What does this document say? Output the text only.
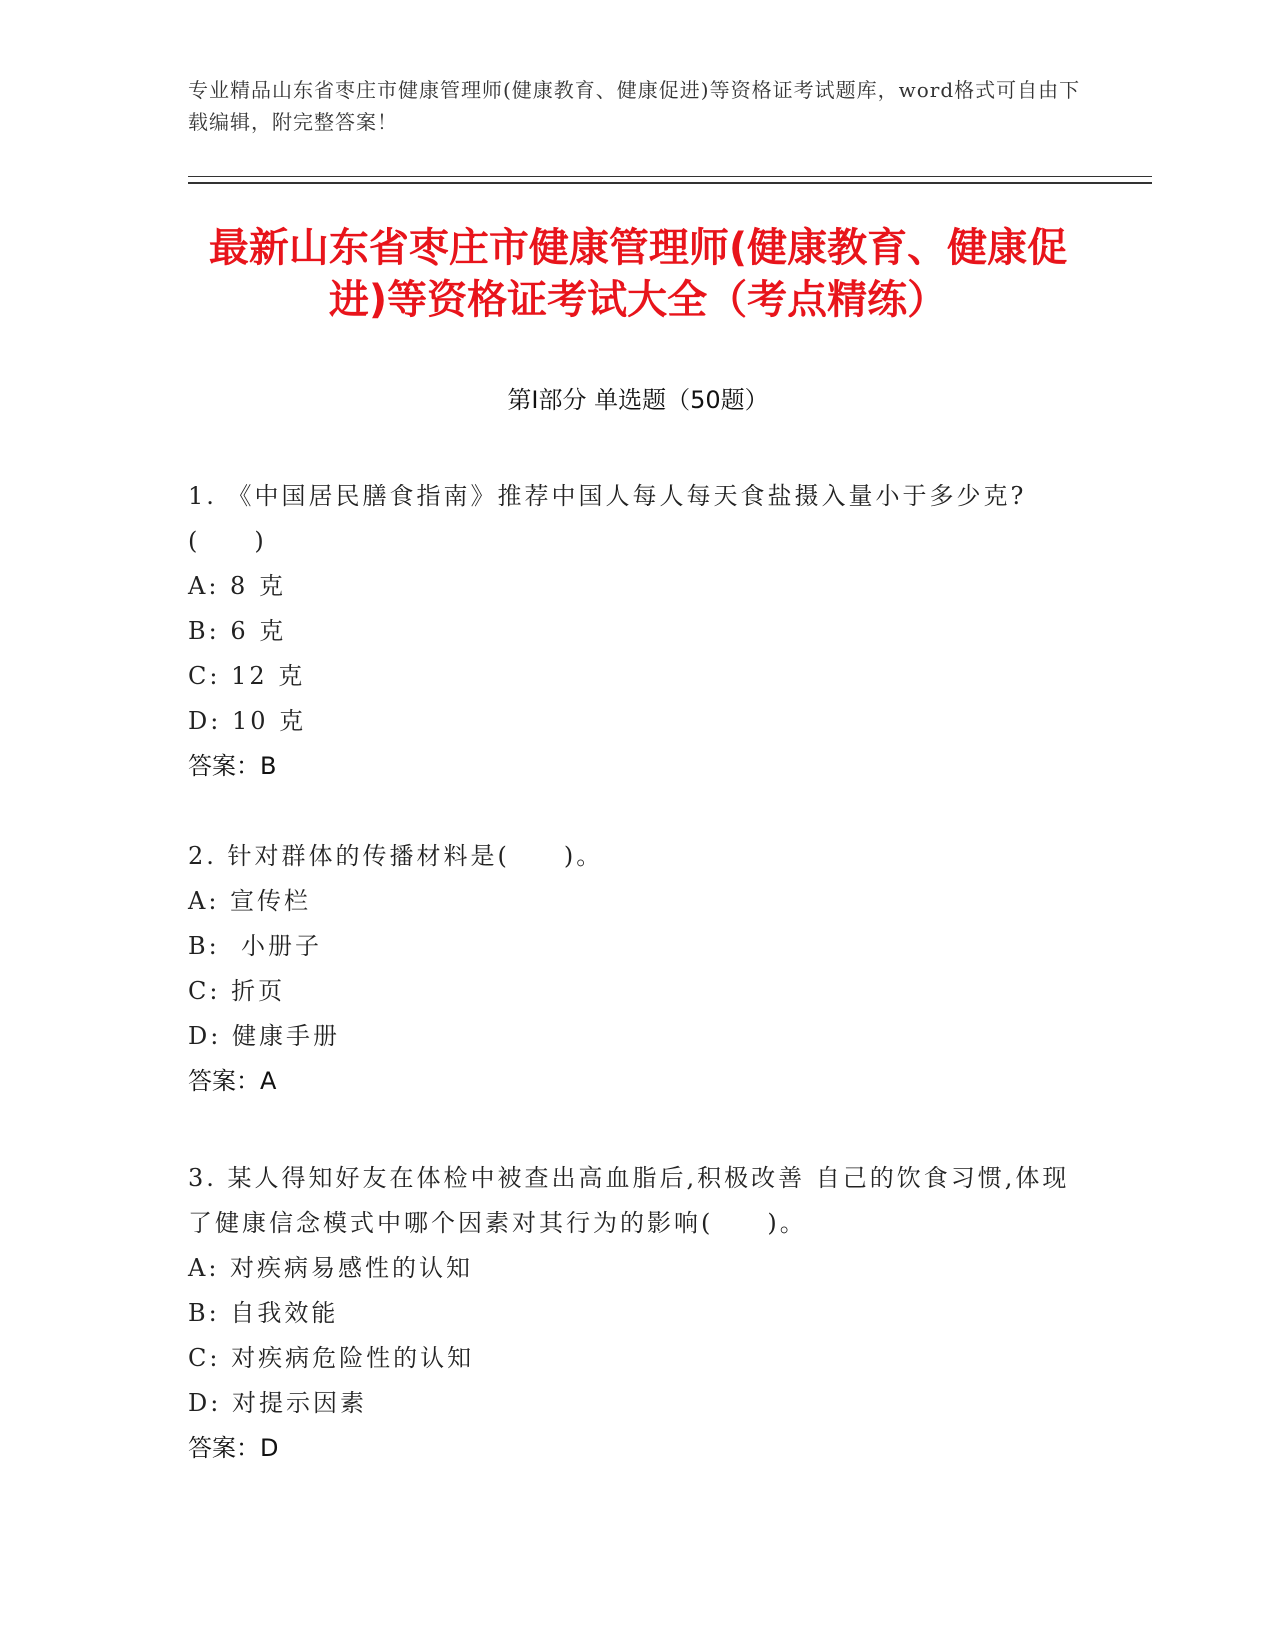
专业精品山东省枣庄市健康管理师(健康教育、健康促进)等资格证考试题库，word格式可自由下载编辑，附完整答案！
最新山东省枣庄市健康管理师(健康教育、健康促进)等资格证考试大全（考点精练）
第Ⅰ部分 单选题（50题）
1. 《中国居民膳食指南》推荐中国人每人每天食盐摄入量小于多少克?(　　)
A: 8 克
B: 6 克
C: 12 克
D: 10 克
答案：B
2. 针对群体的传播材料是(　　)。
A: 宣传栏
B:  小册子
C: 折页
D: 健康手册
答案：A
3. 某人得知好友在体检中被查出高血脂后,积极改善 自己的饮食习惯,体现了健康信念模式中哪个因素对其行为的影响(　　)。
A: 对疾病易感性的认知
B: 自我效能
C: 对疾病危险性的认知
D: 对提示因素
答案：D
